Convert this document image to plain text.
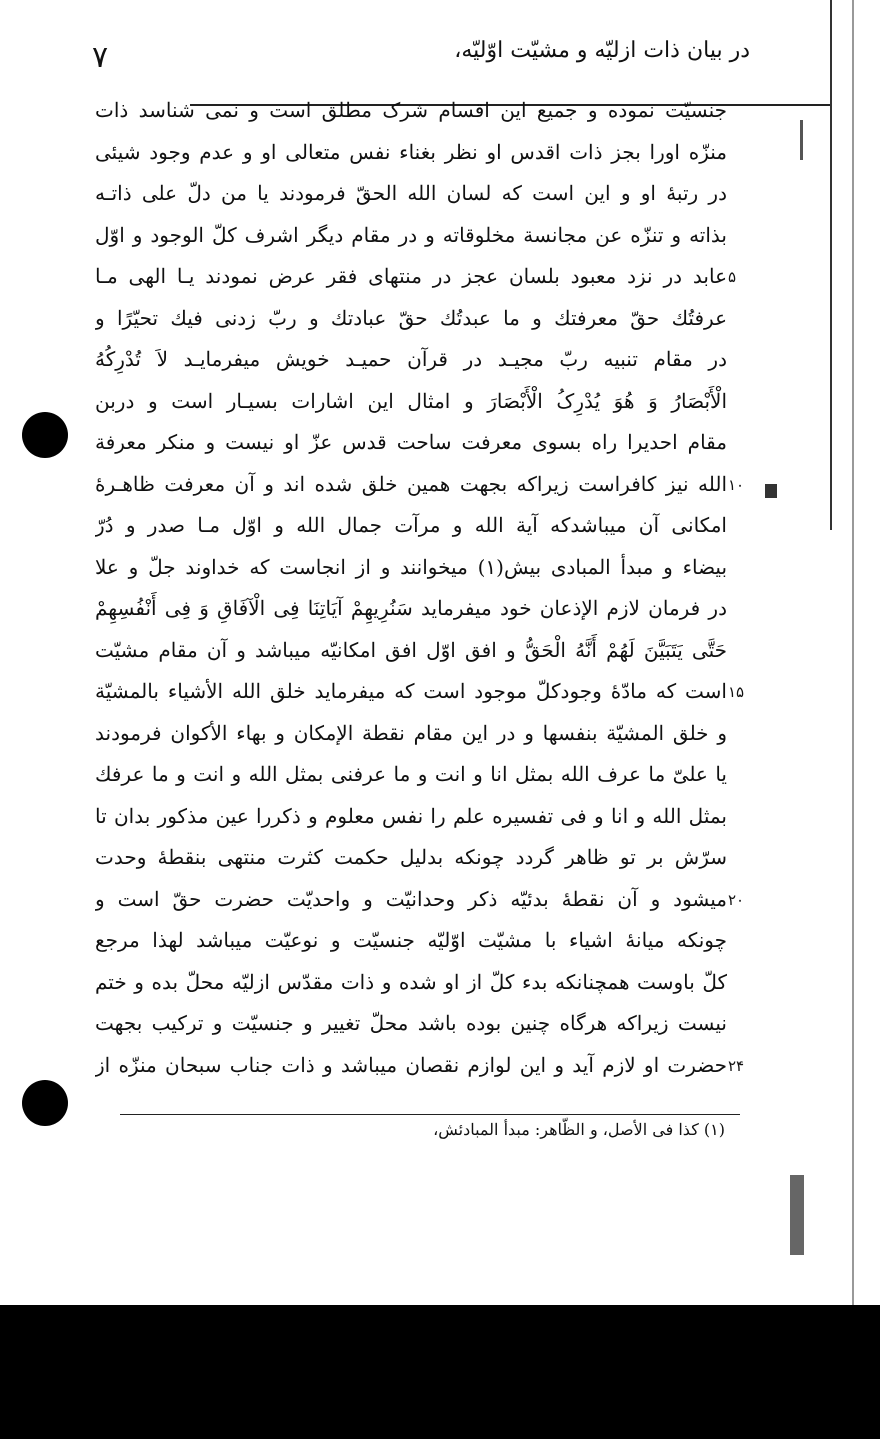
۷	در بیان ذات ازلیّه و مشیّت اوّلیّه،
جنسیّت نموده و جمیع این اقسام شرک مطلق است و نمی شناسد ذات
منزّه اورا بجز ذات اقدس او نظر بغناء نفس متعالی او و عدم وجود شیئی
در رتبهٔ او و این است که لسان الله الحقّ فرمودند یا من دلّ علی ذاتـه
بذاته و تنزّه عن مجانسة مخلوقاته و در مقام دیگر اشرف کلّ الوجود و اوّل
عابد در نزد معبود بلسان عجز در منتهای فقر عرض نمودند یـا الهی مـا
عرفتُك حقّ معرفتك و ما عبدتُك حقّ عبادتك و ربّ زدنی فیك تحیّرًا و
در مقام تنبیه ربّ مجیـد در قرآن حمیـد خویش میفرمایـد لاَ تُدْرِکُهُ
الْأَبْصَارُ وَ هُوَ یُدْرِکُ الْأَبْصَارَ و امثال این اشارات بسیـار است و دربن
مقام احدیرا راه بسوی معرفت ساحت قدس عزّ او نیست و منکر معرفة
الله نیز کافراست زیراکه بجهت همین خلق شده اند و آن معرفت ظاهـرهٔ
امکانی آن میباشدکه آیة الله و مرآت جمال الله و اوّل مـا صدر و دُرّ
بیضاء و مبدأ المبادی بیش(۱) میخوانند و از انجاست که خداوند جلّ و علا
در فرمان لازم الإذعان خود میفرماید سَنُرِیهِمْ آیَاتِنَا فِی الْآفَاقِ وَ فِی أَنْفُسِهِمْ
حَتَّی یَتَبَیَّنَ لَهُمْ أَنَّهُ الْحَقُّ و افق اوّل افق امکانیّه میباشد و آن مقام مشیّت
است که مادّهٔ وجودکلّ موجود است که میفرماید خلق الله الأشیاء بالمشیّة
و خلق المشیّة بنفسها و در این مقام نقطة الإمکان و بهاء الأکوان فرمودند
یا علیّ ما عرف الله بمثل انا و انت و ما عرفنی بمثل الله و انت و ما عرفك
بمثل الله و انا و فی تفسیره علم را نفس معلوم و ذکررا عین مذکور بدان تا
سرّش بر تو ظاهر گردد چونکه بدلیل حکمت کثرت منتهی بنقطهٔ وحدت
میشود و آن نقطهٔ بدئیّه ذکر وحدانیّت و واحدیّت حضرت حقّ است و
چونکه میانهٔ اشیاء با مشیّت اوّلیّه جنسیّت و نوعیّت میباشد لهذا مرجع
کلّ باوست همچنانکه بدء کلّ از او شده و ذات مقدّس ازلیّه محلّ بده و ختم
نیست زیراکه هرگاه چنین بوده باشد محلّ تغییر و جنسیّت و ترکیب بجهت
حضرت او لازم آید و این لوازم نقصان میباشد و ذات جناب سبحان منزّه از
۵
۱۰
۱۵
۲۰
۲۴
(۱) کذا فی الأصل، و الظّاهر: مبدأ المبادئش،
